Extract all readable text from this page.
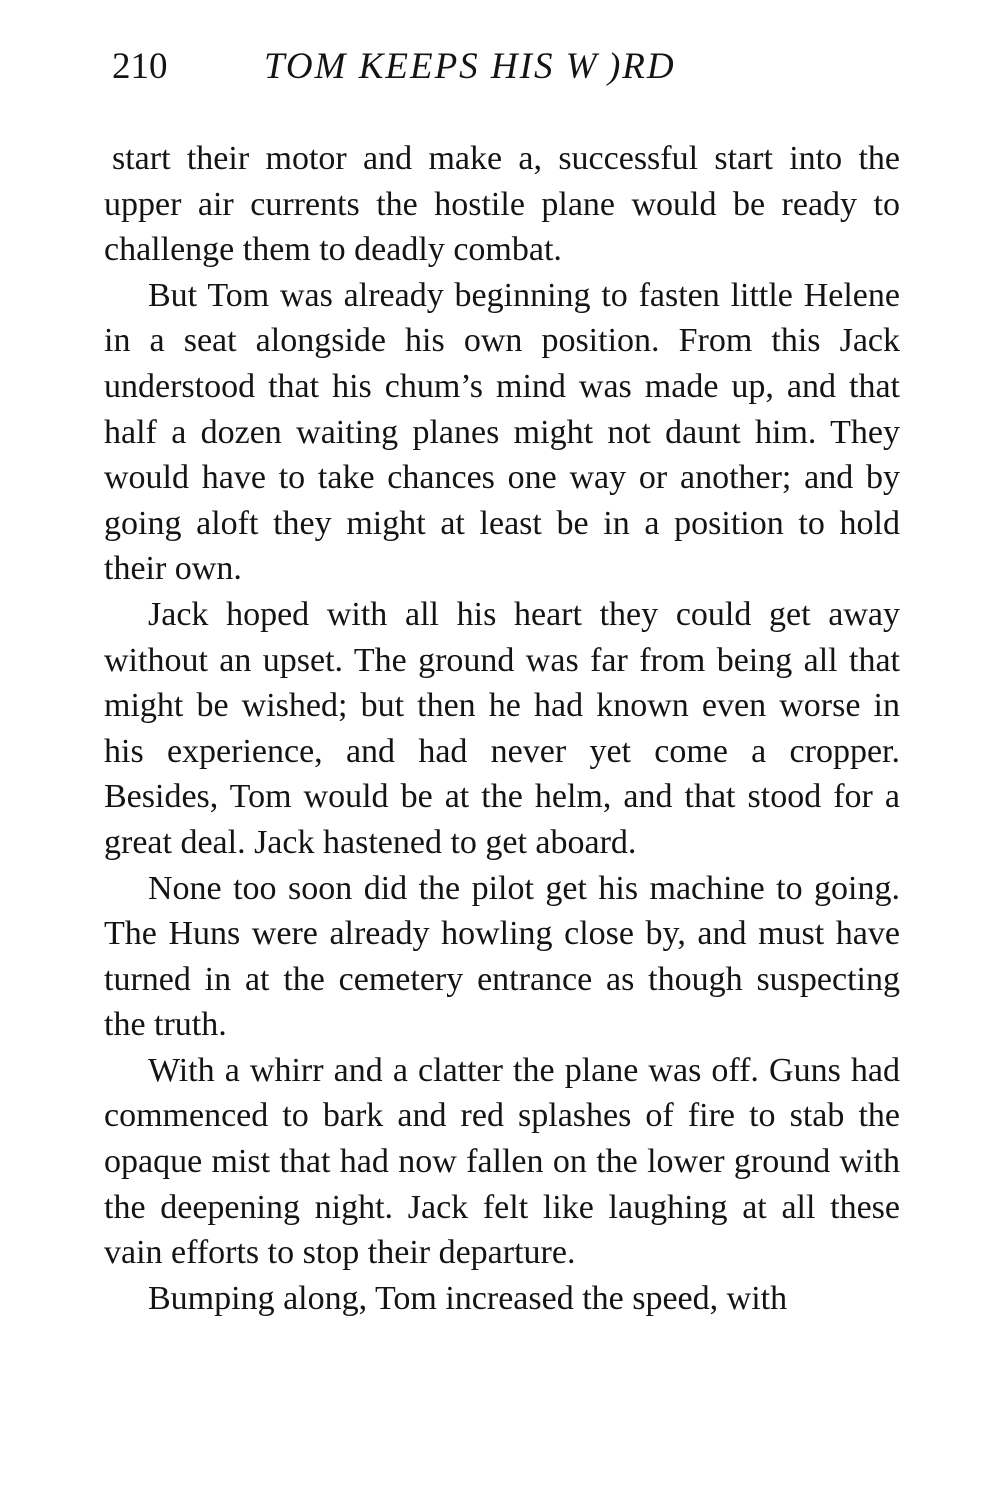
210	TOM KEEPS HIS W )RD

start their motor and make a, successful start into the upper air currents the hostile plane would be ready to challenge them to deadly combat.

But Tom was already beginning to fasten little Helene in a seat alongside his own position. From this Jack understood that his chum’s mind was made up, and that half a dozen waiting planes might not daunt him. They would have to take chances one way or another; and by going aloft they might at least be in a position to hold their own.

Jack hoped with all his heart they could get away without an upset. The ground was far from being all that might be wished; but then he had known even worse in his experience, and had never yet come a cropper. Besides, Tom would be at the helm, and that stood for a great deal. Jack hastened to get aboard.

None too soon did the pilot get his machine to going. The Huns were already howling close by, and must have turned in at the cemetery entrance as though suspecting the truth.

With a whirr and a clatter the plane was off. Guns had commenced to bark and red splashes of fire to stab the opaque mist that had now fallen on the lower ground with the deepening night. Jack felt like laughing at all these vain efforts to stop their departure.

Bumping along, Tom increased the speed, with
